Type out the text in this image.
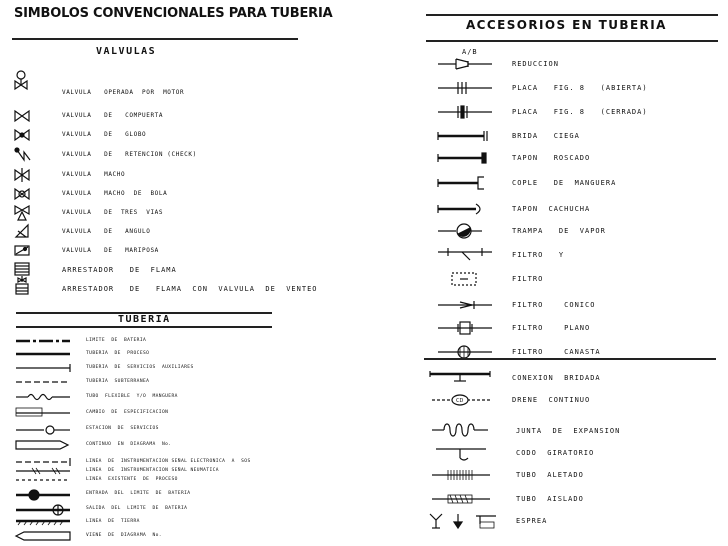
SIMBOLOS CONVENCIONALES PARA TUBERIA
VALVULAS
VALVULA   OPERADA  POR  MOTOR
VALVULA   DE   COMPUERTA
VALVULA   DE   GLOBO
VALVULA   DE   RETENCION (CHECK)
VALVULA   MACHO
VALVULA   MACHO  DE  BOLA
VALVULA   DE  TRES  VIAS
VALVULA   DE   ANGULO
VALVULA   DE   MARIPOSA
ARRESTADOR   DE  FLAMA
ARRESTADOR   DE   FLAMA  CON  VALVULA  DE  VENTEO
TUBERIA
LIMITE  DE  BATERIA
TUBERIA  DE  PROCESO
TUBERIA  DE  SERVICIOS  AUXILIARES
TUBERIA  SUBTERRANEA
TUBO  FLEXIBLE  Y/O  MANGUERA
CAMBIO  DE  ESPECIFICACION
ESTACION  DE  SERVICIOS
CONTINUO  EN  DIAGRAMA  No.
LINEA  DE  INSTRUMENTACION SEÑAL ELECTRONICA  A  SOS
LINEA  DE  INSTRUMENTACION SEÑAL NEUMATICA
LINEA  EXISTENTE  DE  PROCESO
ENTRADA  DEL  LIMITE  DE  BATERIA
SALIDA  DEL  LIMITE  DE  BATERIA
LINEA  DE  TIERRA
VIENE  DE  DIAGRAMA  No.
ACCESORIOS EN TUBERIA
A/B
REDUCCION
PLACA   FIG. 8   (ABIERTA)
PLACA   FIG. 8   (CERRADA)
BRIDA   CIEGA
TAPON   ROSCADO
COPLE   DE  MANGUERA
TAPON  CACHUCHA
TRAMPA   DE  VAPOR
FILTRO   Y
FILTRO
FILTRO    CONICO
FILTRO    PLANO
FILTRO    CANASTA
CONEXION  BRIDADA
CD	DRENE  CONTINUO
JUNTA  DE  EXPANSION
CODO  GIRATORIO
TUBO  ALETADO
TUBO  AISLADO
ESPREA
